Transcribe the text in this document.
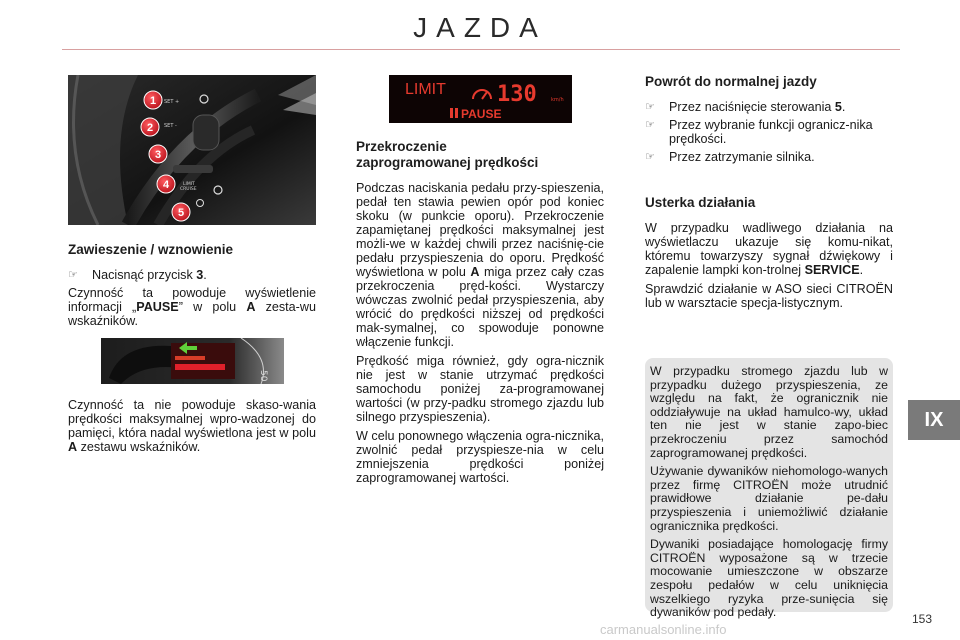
JAZDA
SET +
SET -
LIMIT
CRUISE
1
2
3
4
5
Zawieszenie / wznowienie
☞	Nacisnąć przycisk 3.

Czynność ta powoduje wyświetlenie informacji „PAUSE” w polu A zesta-wu wskaźników.

50

Czynność ta nie powoduje skaso-wania prędkości maksymalnej wpro-wadzonej do pamięci, która nadal wyświetlona jest w polu A zestawu wskaźników.

LIMIT 130	km/h
PAUSE
Przekroczenie
zaprogramowanej prędkości

Podczas naciskania pedału przy-spieszenia, pedał ten stawia pewien opór pod koniec skoku (w punkcie oporu). Przekroczenie zapamiętanej prędkości maksymalnej jest możli-we w każdej chwili przez naciśnię-cie pedału przyspieszenia do oporu. Prędkość wyświetlona w polu A miga przez cały czas przekroczenia pręd-kości. Wystarczy wówczas zwolnić pedał przyspieszenia, aby wrócić do prędkości niższej od prędkości mak-symalnej, co spowoduje ponowne włączenie funkcji.

Prędkość miga również, gdy ogra-nicznik nie jest w stanie utrzymać prędkości samochodu poniżej za-programowanej wartości (w przy-padku stromego zjazdu lub silnego przyspieszenia).

W celu ponownego włączenia ogra-nicznika, zwolnić pedał przyspiesze-nia w celu zmniejszenia prędkości poniżej zaprogramowanej wartości.

Powrót do normalnej jazdy
☞	Przez naciśnięcie sterowania 5.
☞	Przez wybranie funkcji ogranicz-nika prędkości.
☞	Przez zatrzymanie silnika.
Usterka działania

W przypadku wadliwego działania na wyświetlaczu ukazuje się komu-nikat, któremu towarzyszy sygnał dźwiękowy i zapalenie lampki kon-trolnej SERVICE.

Sprawdzić działanie w ASO sieci CITROËN lub w warsztacie specja-listycznym.

W przypadku stromego zjazdu lub w przypadku dużego przyspieszenia, ze względu na fakt, że ogranicznik nie oddziaływuje na układ hamulco-wy, układ ten nie jest w stanie zapo-biec przekroczeniu przez samochód zaprogramowanej prędkości.

Używanie dywaników niehomologo-wanych przez firmę CITROËN może utrudnić prawidłowe działanie pe-dału przyspieszenia i uniemożliwić działanie ogranicznika prędkości.

Dywaniki posiadające homologację firmy CITROËN wyposażone są w trzecie mocowanie umieszczone w obszarze zespołu pedałów w celu uniknięcia wszelkiego ryzyka prze-sunięcia się dywaników pod pedały.

IX
153
carmanualsonline.info
